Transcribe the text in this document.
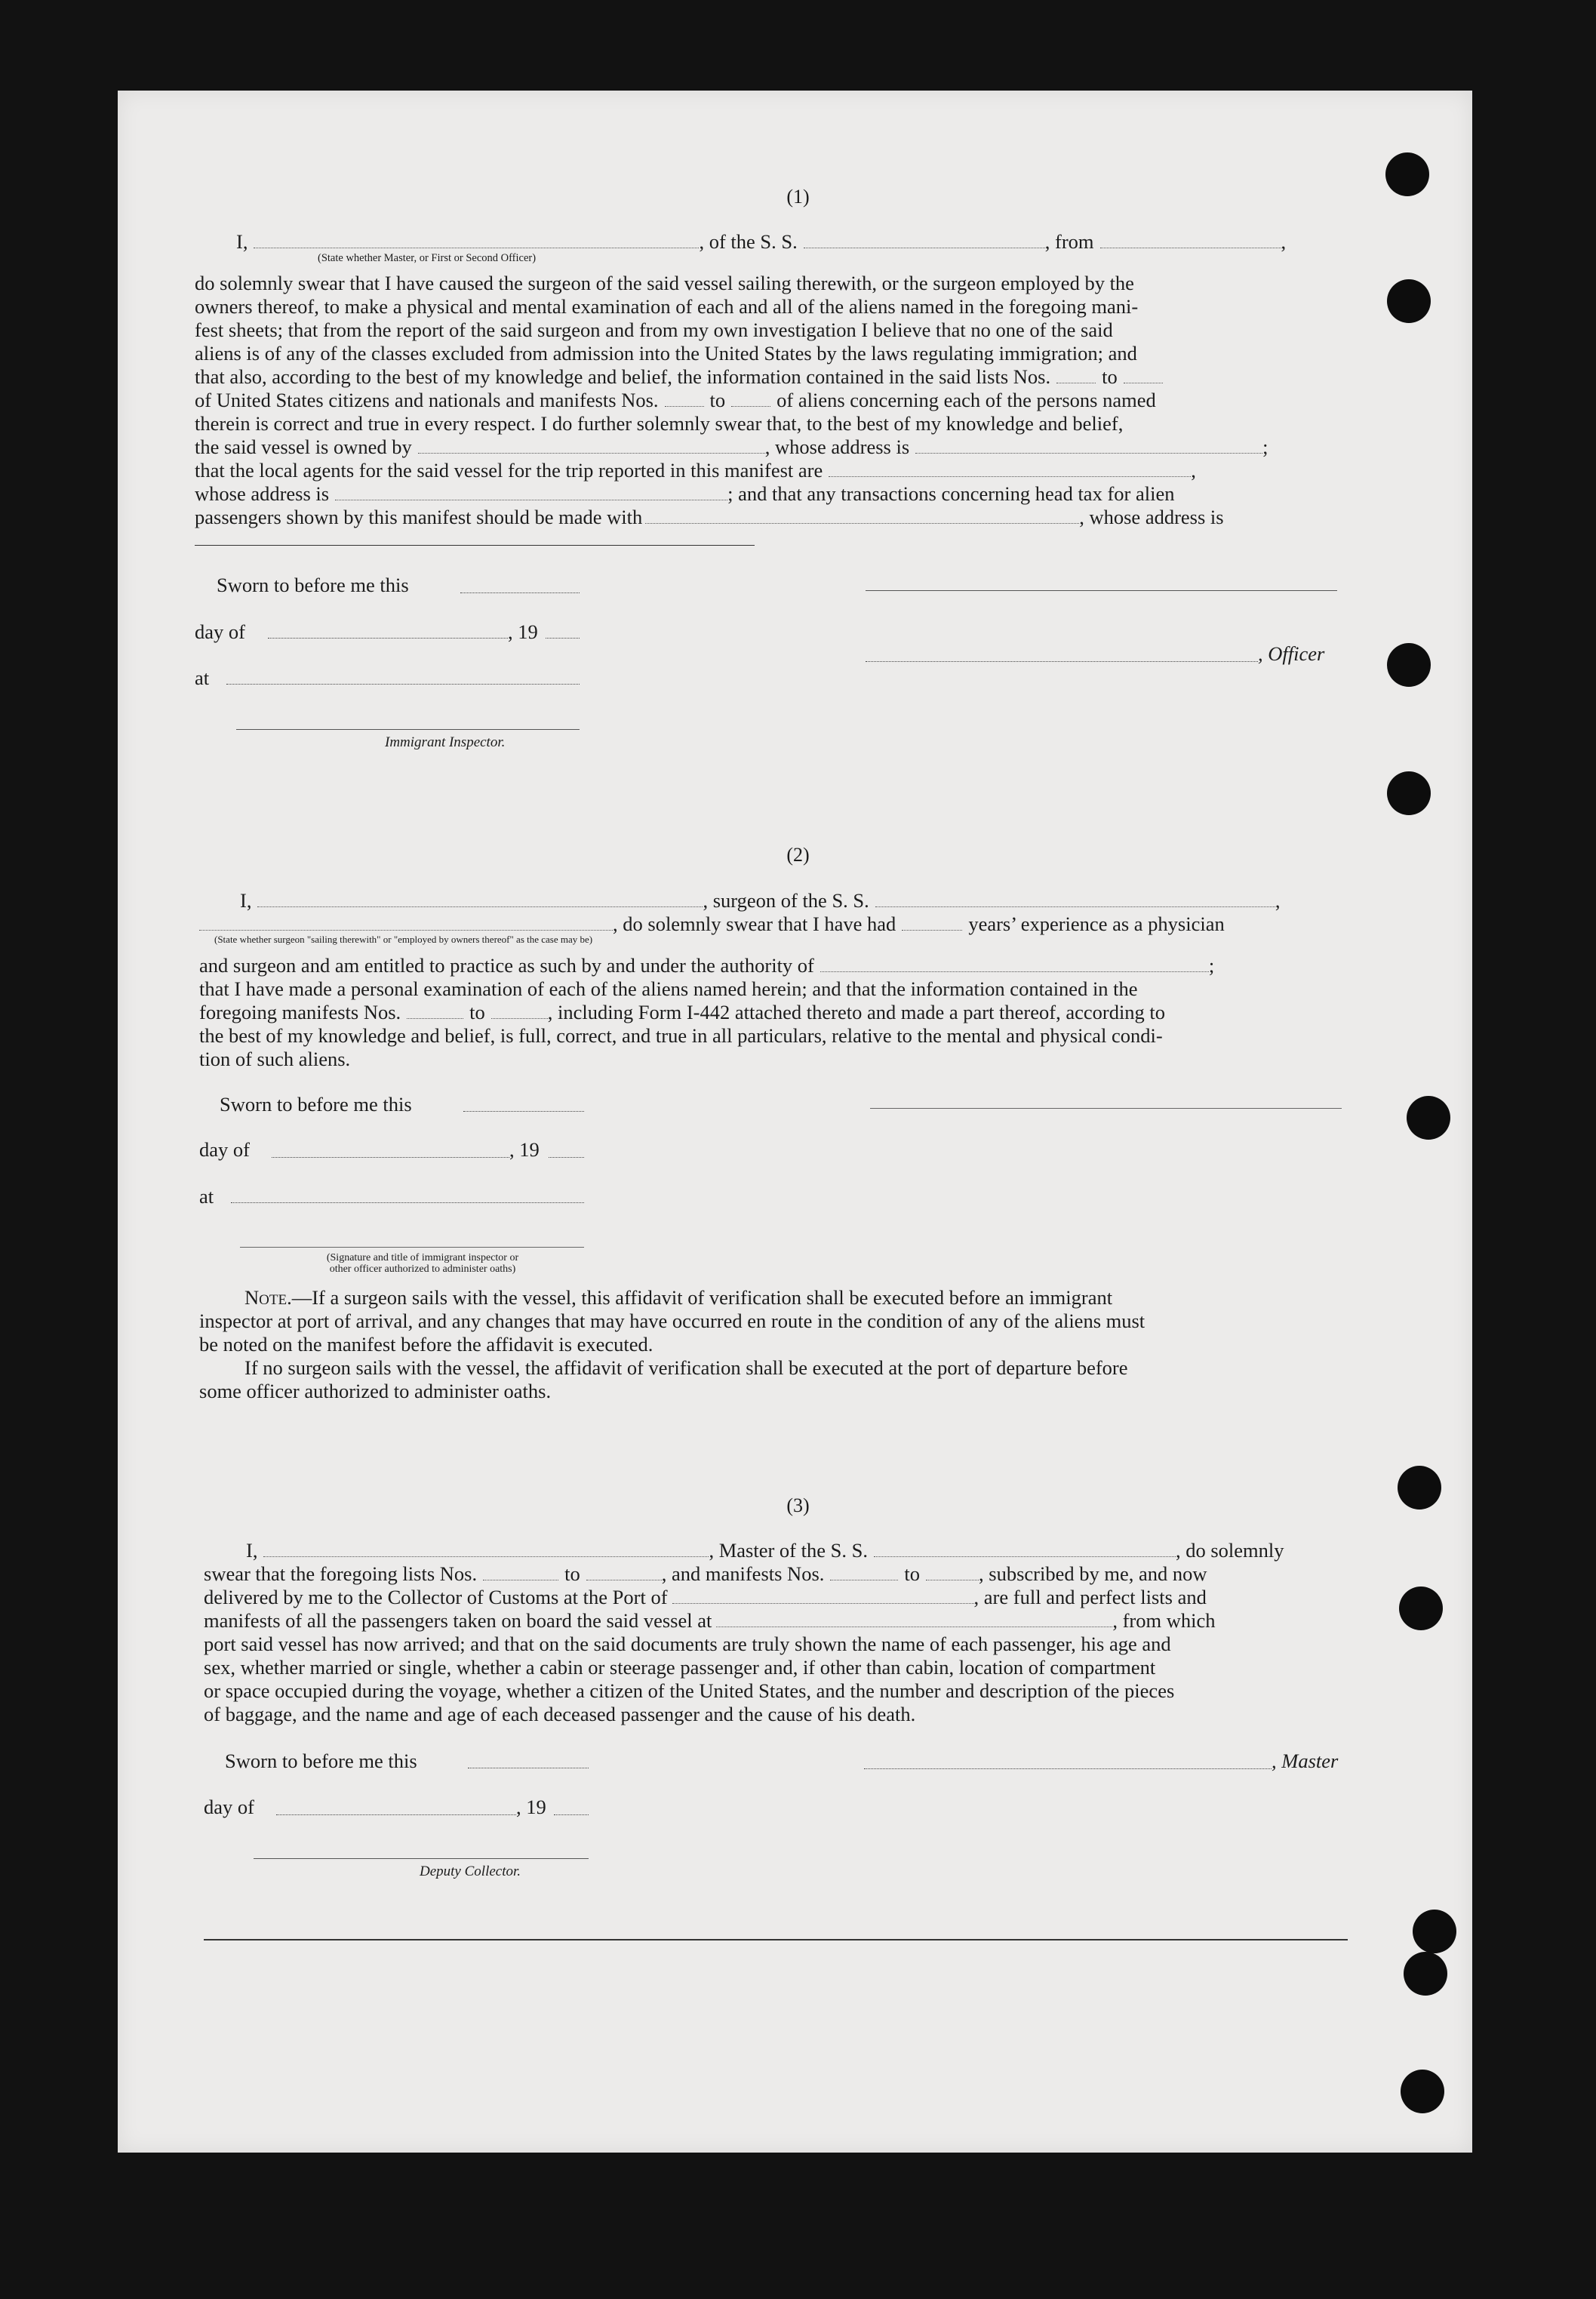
(1)
I,	, of the S. S.	, from	,
(State whether Master, or First or Second Officer)
do solemnly swear that I have caused the surgeon of the said vessel sailing therewith, or the surgeon employed by the
owners thereof, to make a physical and mental examination of each and all of the aliens named in the foregoing mani-
fest sheets; that from the report of the said surgeon and from my own investigation I believe that no one of the said
aliens is of any of the classes excluded from admission into the United States by the laws regulating immigration; and
that also, according to the best of my knowledge and belief, the information contained in the said lists Nos.	to
of United States citizens and nationals and manifests Nos.	to	of aliens concerning each of the persons named
therein is correct and true in every respect. I do further solemnly swear that, to the best of my knowledge and belief,
the said vessel is owned by	, whose address is	;
that the local agents for the said vessel for the trip reported in this manifest are	,
whose address is	; and that any transactions concerning head tax for alien
passengers shown by this manifest should be made with	, whose address is
Sworn to before me this
day of	, 19
, Officer
at
Immigrant Inspector.
(2)
I,	, surgeon of the S. S.	,
, do solemnly swear that I have had	years’ experience as a physician
(State whether surgeon "sailing therewith" or "employed by owners thereof" as the case may be)
and surgeon and am entitled to practice as such by and under the authority of	;
that I have made a personal examination of each of the aliens named herein; and that the information contained in the
foregoing manifests Nos.	to	, including Form I-442 attached thereto and made a part thereof, according to
the best of my knowledge and belief, is full, correct, and true in all particulars, relative to the mental and physical condi-
tion of such aliens.
Sworn to before me this
day of	, 19
at
(Signature and title of immigrant inspector or
other officer authorized to administer oaths)
Note.—If a surgeon sails with the vessel, this affidavit of verification shall be executed before an immigrant
inspector at port of arrival, and any changes that may have occurred en route in the condition of any of the aliens must
be noted on the manifest before the affidavit is executed.
If no surgeon sails with the vessel, the affidavit of verification shall be executed at the port of departure before
some officer authorized to administer oaths.
(3)
I,	, Master of the S. S.	, do solemnly
swear that the foregoing lists Nos.	to	, and manifests Nos.	to	, subscribed by me, and now
delivered by me to the Collector of Customs at the Port of	, are full and perfect lists and
manifests of all the passengers taken on board the said vessel at	, from which
port said vessel has now arrived; and that on the said documents are truly shown the name of each passenger, his age and
sex, whether married or single, whether a cabin or steerage passenger and, if other than cabin, location of compartment
or space occupied during the voyage, whether a citizen of the United States, and the number and description of the pieces
of baggage, and the name and age of each deceased passenger and the cause of his death.
Sworn to before me this	, Master
day of	, 19
Deputy Collector.
